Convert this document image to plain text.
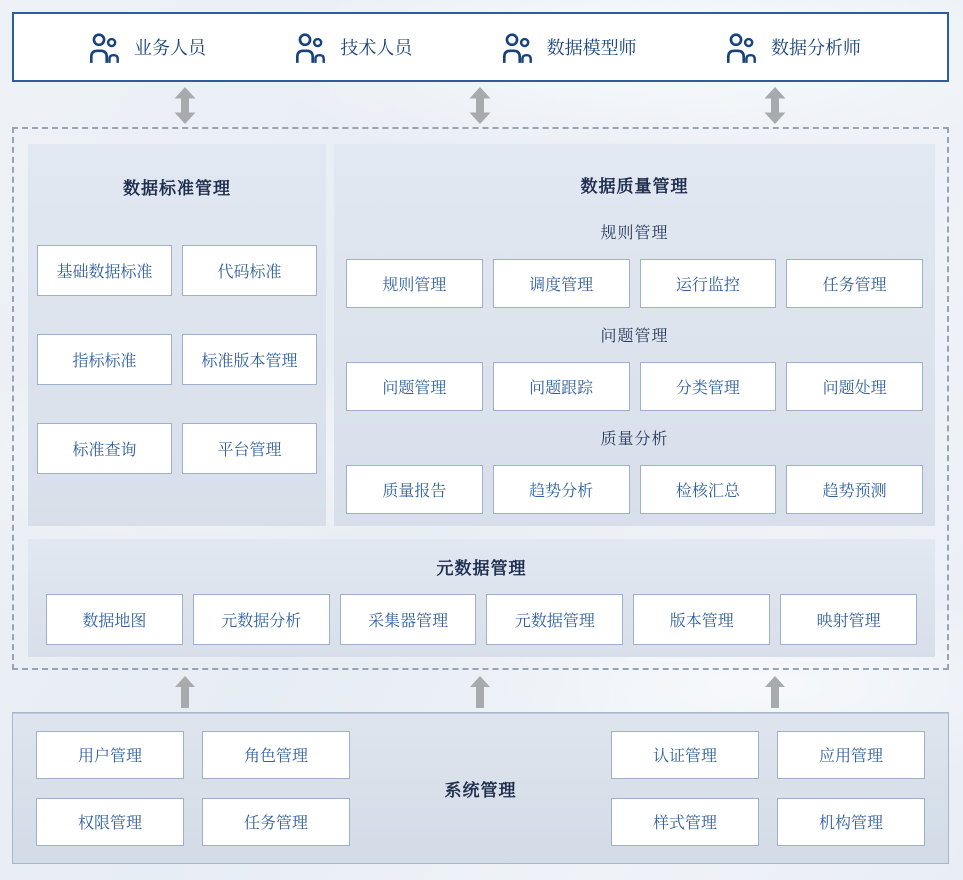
业务人员	技术人员	数据模型师	数据分析师
数据标准管理
基础数据标准	代码标准
指标标准	标准版本管理
标准查询	平台管理
数据质量管理
规则管理
规则管理	调度管理	运行监控	任务管理
问题管理
问题管理	问题跟踪	分类管理	问题处理
质量分析
质量报告	趋势分析	检核汇总	趋势预测
元数据管理
数据地图	元数据分析	采集器管理	元数据管理	版本管理	映射管理
用户管理	角色管理
权限管理	任务管理
系统管理
认证管理	应用管理
样式管理	机构管理
